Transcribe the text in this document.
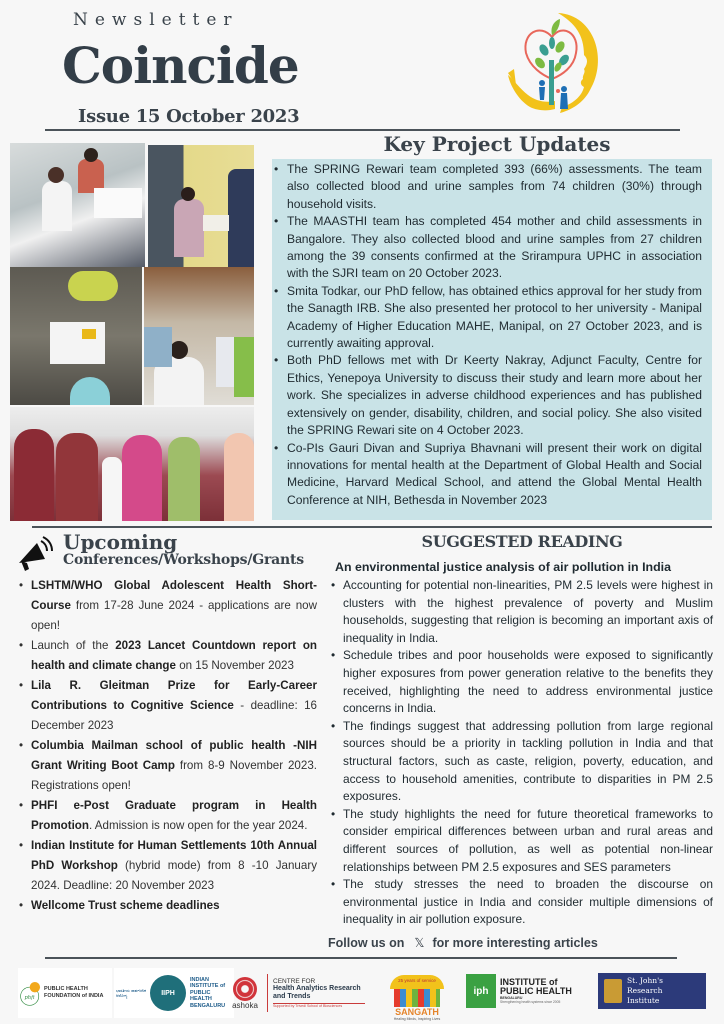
Newsletter
Coincide
Issue 15 October 2023
Key Project Updates
• The SPRING Rewari team completed 393 (66%) assessments. The team also collected blood and urine samples from 74 children (30%) through household visits.
• The MAASTHI team has completed 454 mother and child assessments in Bangalore. They also collected blood and urine samples from 27 children among the 39 consents confirmed at the Srirampura UPHC in association with the SJRI team on 20 October 2023.
• Smita Todkar, our PhD fellow, has obtained ethics approval for her study from the Sanagth IRB. She also presented her protocol to her university - Manipal Academy of Higher Education MAHE, Manipal, on 27 October 2023, and is currently awaiting approval.
• Both PhD fellows met with Dr Keerty Nakray, Adjunct Faculty, Centre for Ethics, Yenepoya University to discuss their study and learn more about her work. She specializes in adverse childhood experiences and has published extensively on gender, disability, children, and social policy. She also visited the SPRING Rewari site on 4 October 2023.
• Co-PIs Gauri Divan and Supriya Bhavnani will present their work on digital innovations for mental health at the Department of Global Health and Social Medicine, Harvard Medical School, and attend the Global Mental Health Conference at NIH, Bethesda in November 2023
Upcoming
Conferences/Workshops/Grants
• LSHTM/WHO Global Adolescent Health Short-Course from 17-28 June 2024 - applications are now open!
• Launch of the 2023 Lancet Countdown report on health and climate change on 15 November 2023
• Lila R. Gleitman Prize for Early-Career Contributions to Cognitive Science - deadline: 16 December 2023
• Columbia Mailman school of public health -NIH Grant Writing Boot Camp from 8-9 November 2023. Registrations open!
• PHFI e-Post Graduate program in Health Promotion. Admission is now open for the year 2024.
• Indian Institute for Human Settlements 10th Annual PhD Workshop (hybrid mode) from 8 -10 January 2024. Deadline: 20 November 2023
• Wellcome Trust scheme deadlines
SUGGESTED READING
An environmental justice analysis of air pollution in India
• Accounting for potential non-linearities, PM 2.5 levels were highest in clusters with the highest prevalence of poverty and Muslim households, suggesting that religion is becoming an important axis of inequality in India.
• Schedule tribes and poor households were exposed to significantly higher exposures from power generation relative to the benefits they received, highlighting the need to address environmental justice concerns in India.
• The findings suggest that addressing pollution from large regional sources should be a priority in tackling pollution in India and that structural factors, such as caste, religion, poverty, education, and access to household amenities, contribute to disparities in PM 2.5 exposures.
• The study highlights the need for future theoretical frameworks to consider empirical differences between urban and rural areas and different sources of pollution, as well as potential non-linear relationships between PM 2.5 exposures and SES parameters
• The study stresses the need to broaden the discourse on environmental justice in India and consider multiple dimensions of inequality in air pollution exposure.
Follow us on 𝕏 for more interesting articles
phfi
PUBLIC HEALTH FOUNDATION of INDIA
ಭಾರತೀಯ ಸಾರ್ವಜನಿಕ ಆರೋಗ್ಯ	IIPH
INDIAN INSTITUTE of PUBLIC HEALTH BENGALURU ashoka
CENTRE FOR
Health Analytics Research and Trends
Supported by Trivedi School of Biosciences
25 years of service
SANGATH
Healing Minds, Inspiring Lives
iph
INSTITUTE of PUBLIC HEALTH
BENGALURU
Strengthening health systems since 2005
St. John's Research Institute
